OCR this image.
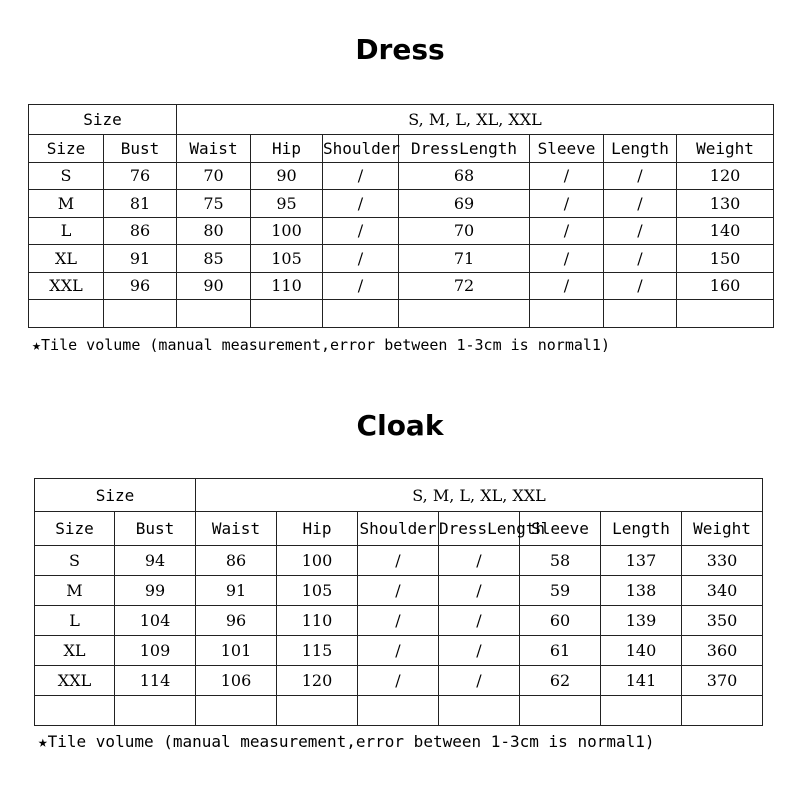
Dress
Size		S, M, L, XL, XXL						
Size	Bust	Waist	Hip	Shoulder	DressLength	Sleeve	Length	Weight
S	76	70	90	/	68	/	/	120
M	81	75	95	/	69	/	/	130
L	86	80	100	/	70	/	/	140
XL	91	85	105	/	71	/	/	150
XXL	96	90	110	/	72	/	/	160

★Tile volume (manual measurement,error between 1-3cm is normal1)
Cloak
Size		S, M, L, XL, XXL						
Size	Bust	Waist	Hip	Shoulder	DressLength	Sleeve	Length	Weight
S	94	86	100	/	/	58	137	330
M	99	91	105	/	/	59	138	340
L	104	96	110	/	/	60	139	350
XL	109	101	115	/	/	61	140	360
XXL	114	106	120	/	/	62	141	370

★Tile volume (manual measurement,error between 1-3cm is normal1)
